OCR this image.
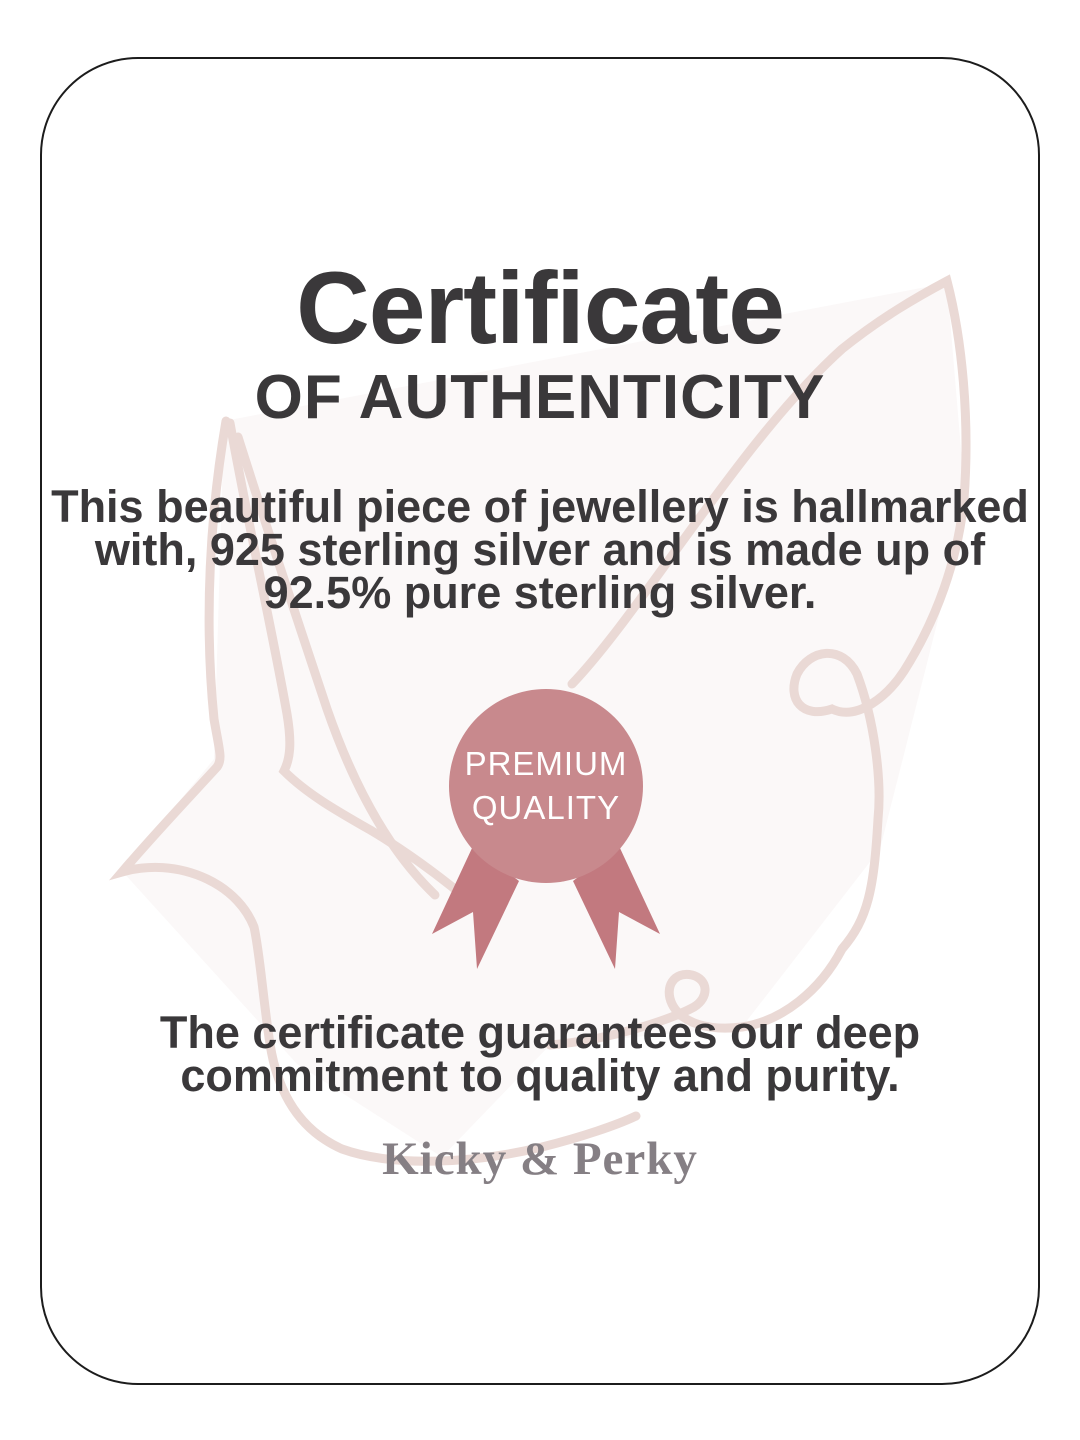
PREMIUM
QUALITY
Certificate
OF AUTHENTICITY
This beautiful piece of jewellery is hallmarked
with, 925 sterling silver and is made up of
92.5% pure sterling silver.
The certificate guarantees our deep
commitment to quality and purity.
Kicky & Perky
